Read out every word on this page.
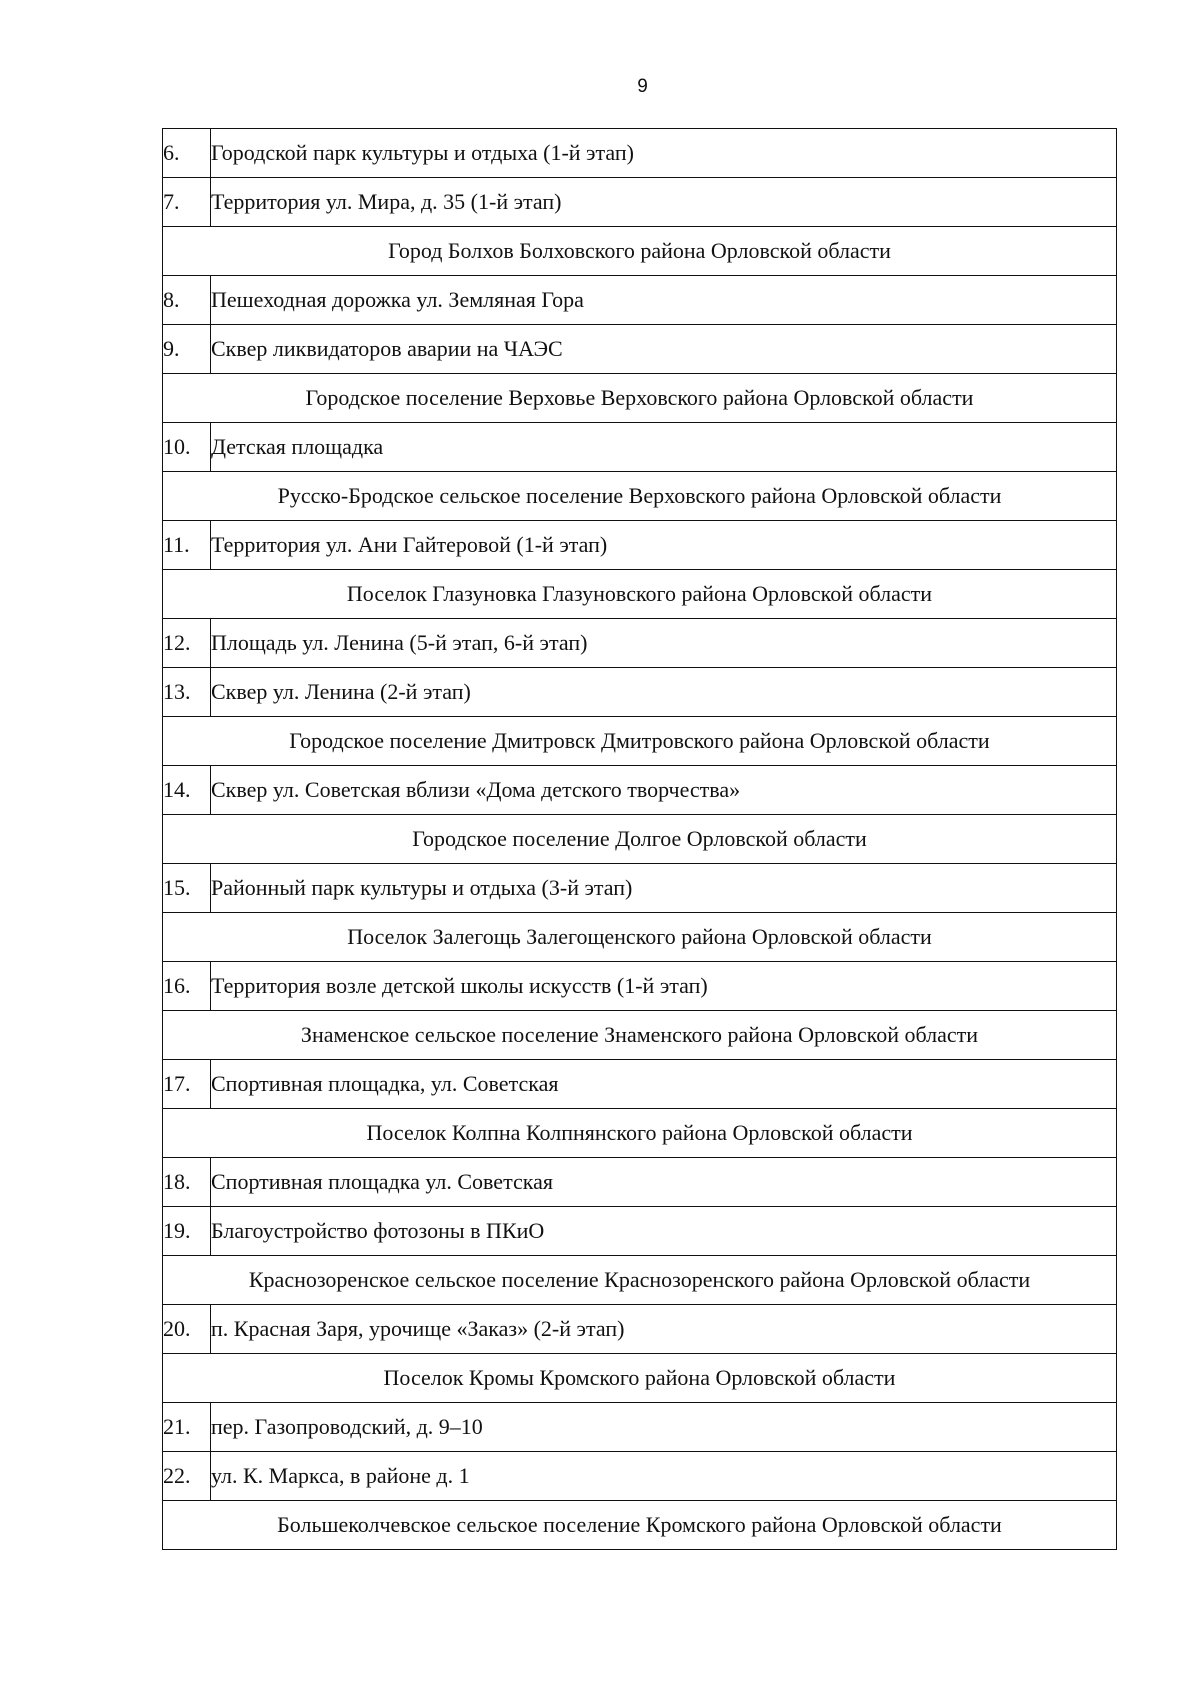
9
6.	Городской парк культуры и отдыха (1-й этап)
7.	Территория ул. Мира, д. 35 (1-й этап)
Город Болхов Болховского района Орловской области	
8.	Пешеходная дорожка ул. Земляная Гора
9.	Сквер ликвидаторов аварии на ЧАЭС
Городское поселение Верховье Верховского района Орловской области	
10.	Детская площадка
Русско-Бродское сельское поселение Верховского района Орловской области	
11.	Территория ул. Ани Гайтеровой (1-й этап)
Поселок Глазуновка Глазуновского района Орловской области	
12.	Площадь ул. Ленина (5-й этап, 6-й этап)
13.	Сквер ул. Ленина (2-й этап)
Городское поселение Дмитровск Дмитровского района Орловской области	
14.	Сквер ул. Советская вблизи «Дома детского творчества»
Городское поселение Долгое Орловской области	
15.	Районный парк культуры и отдыха (3-й этап)
Поселок Залегощь Залегощенского района Орловской области	
16.	Территория возле детской школы искусств (1-й этап)
Знаменское сельское поселение Знаменского района Орловской области	
17.	Спортивная площадка, ул. Советская
Поселок Колпна Колпнянского района Орловской области	
18.	Спортивная площадка ул. Советская
19.	Благоустройство фотозоны в ПКиО
Краснозоренское сельское поселение Краснозоренского района Орловской области	
20.	п. Красная Заря, урочище «Заказ» (2-й этап)
Поселок Кромы Кромского района Орловской области	
21.	пер. Газопроводский, д. 9–10
22.	ул. К. Маркса, в районе д. 1
Большеколчевское сельское поселение Кромского района Орловской области	
